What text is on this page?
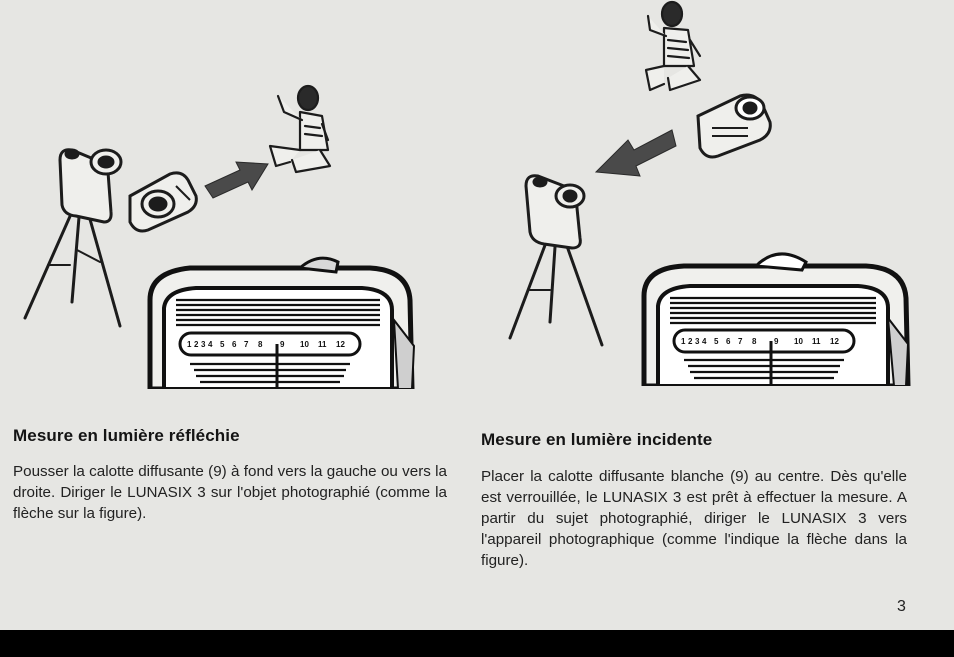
1 2 3 4 5 6 7 8 9 10 11 12	1 2 3 4 5 6 7 8 9 10 11 12
Mesure en lumière réfléchie

Pousser la calotte diffusante (9) à fond vers la gauche ou vers la droite. Diriger le LUNASIX 3 sur l'objet photographié (comme la flèche sur la figure).

Mesure en lumière incidente

Placer la calotte diffusante blanche (9) au centre. Dès qu'elle est verrouillée, le LUNASIX 3 est prêt à effectuer la mesure. A partir du sujet photographié, diriger le LUNASIX 3 vers l'appareil photographique (comme l'indique la flèche dans la figure).

3
